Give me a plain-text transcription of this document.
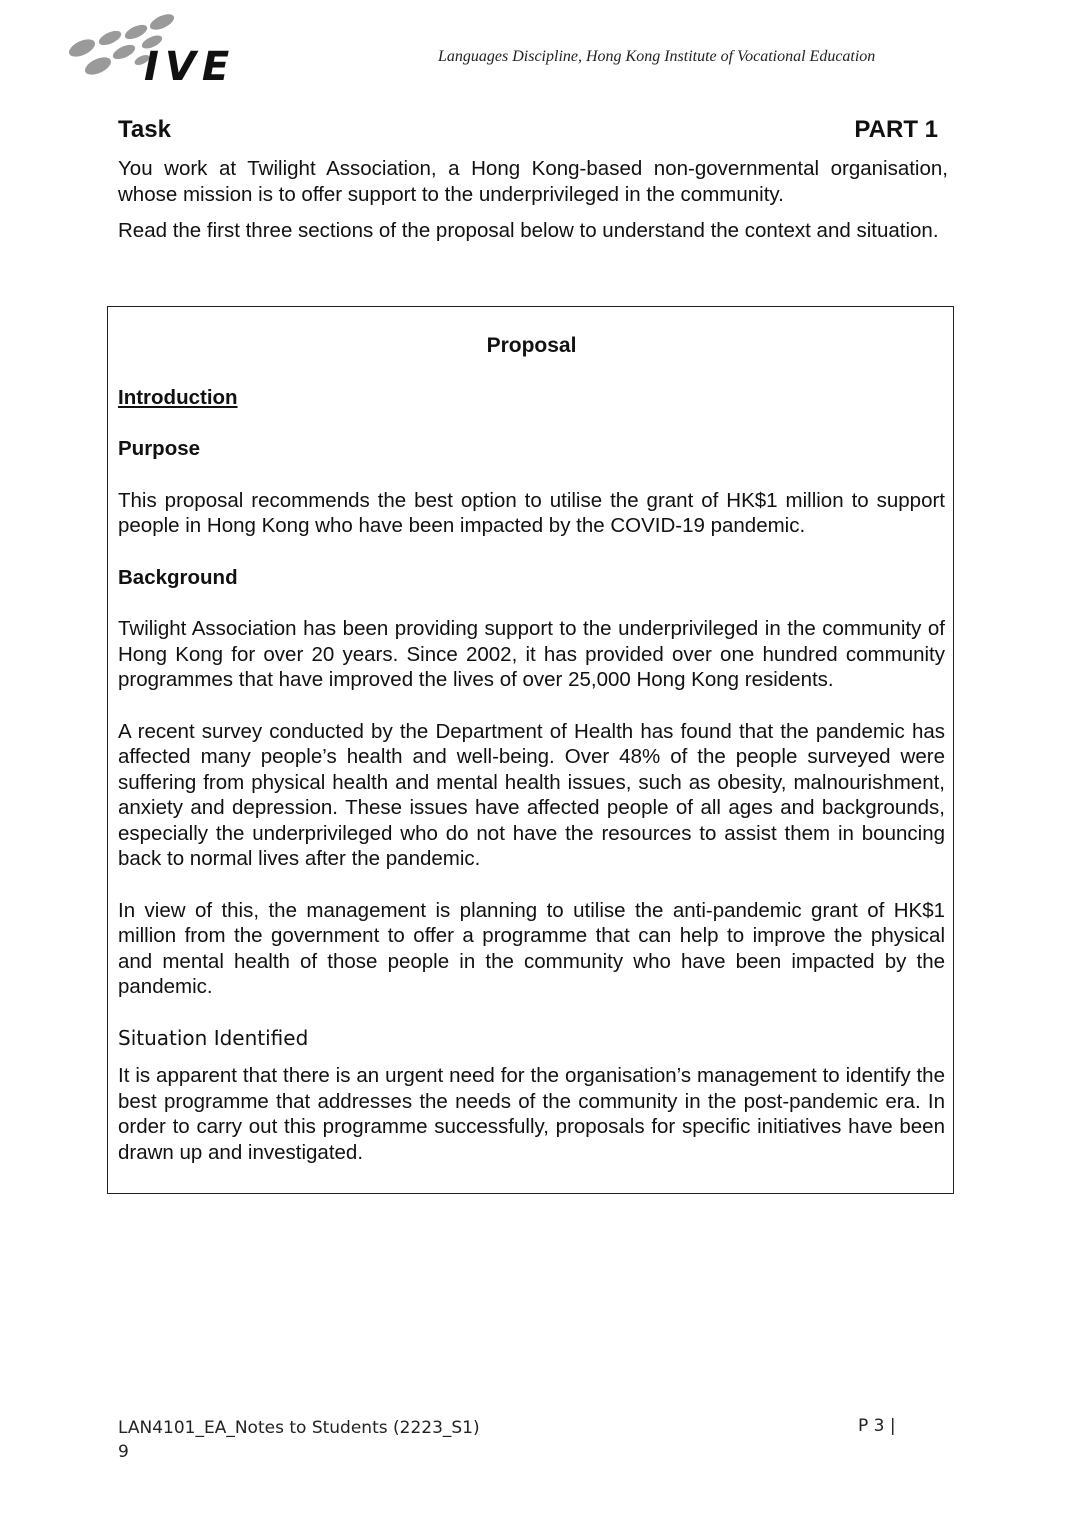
IVE	Languages Discipline, Hong Kong Institute of Vocational Education
Task	PART 1

You work at Twilight Association, a Hong Kong-based non-governmental organisation, whose mission is to offer support to the underprivileged in the community.

Read the first three sections of the proposal below to understand the context and situation.

Proposal
Introduction
Purpose
This proposal recommends the best option to utilise the grant of HK$1 million to support people in Hong Kong who have been impacted by the COVID-19 pandemic.
Background
Twilight Association has been providing support to the underprivileged in the community of Hong Kong for over 20 years. Since 2002, it has provided over one hundred community programmes that have improved the lives of over 25,000 Hong Kong residents.
A recent survey conducted by the Department of Health has found that the pandemic has affected many people’s health and well-being. Over 48% of the people surveyed were suffering from physical health and mental health issues, such as obesity, malnourishment, anxiety and depression. These issues have affected people of all ages and backgrounds, especially the underprivileged who do not have the resources to assist them in bouncing back to normal lives after the pandemic.
In view of this, the management is planning to utilise the anti-pandemic grant of HK$1 million from the government to offer a programme that can help to improve the physical and mental health of those people in the community who have been impacted by the pandemic.
Situation Identified
It is apparent that there is an urgent need for the organisation’s management to identify the best programme that addresses the needs of the community in the post-pandemic era. In order to carry out this programme successfully, proposals for specific initiatives have been drawn up and investigated.
LAN4101_EA_Notes to Students (2223_S1)
9
P 3 |
